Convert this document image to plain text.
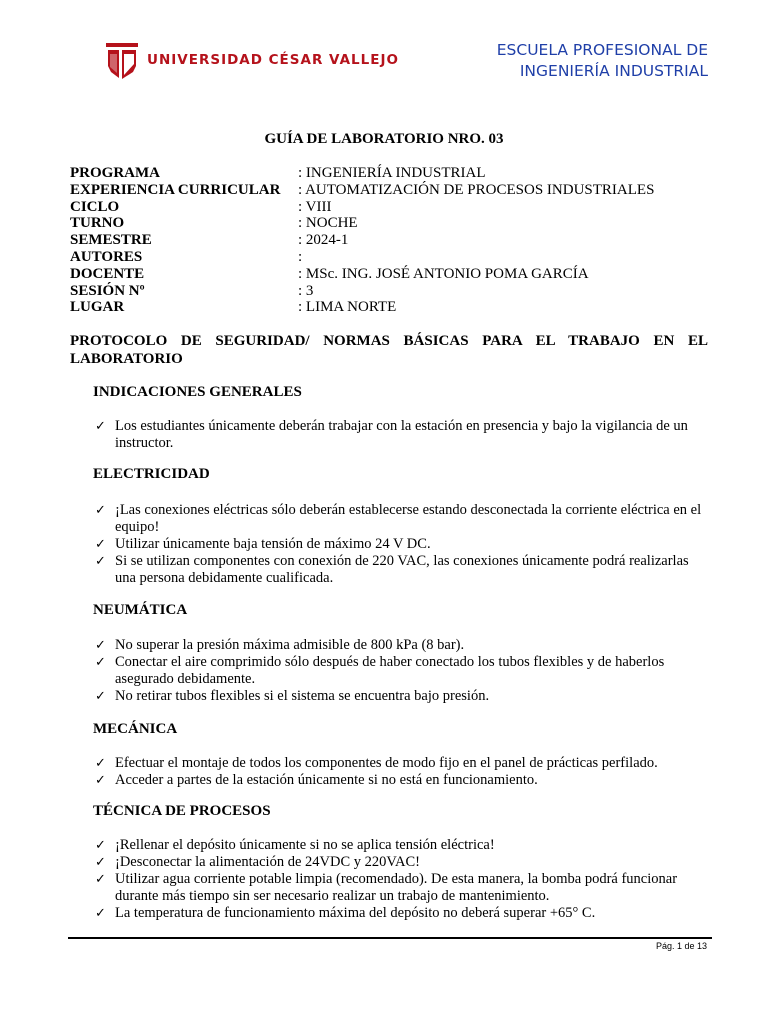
UNIVERSIDAD CÉSAR VALLEJO
ESCUELA PROFESIONAL DE
INGENIERÍA INDUSTRIAL
GUÍA DE LABORATORIO NRO. 03
PROGRAMA	: INGENIERÍA INDUSTRIAL
EXPERIENCIA CURRICULAR	: AUTOMATIZACIÓN DE PROCESOS INDUSTRIALES
CICLO	: VIII
TURNO	: NOCHE
SEMESTRE	: 2024-1
AUTORES	:
DOCENTE	: MSc. ING. JOSÉ ANTONIO POMA GARCÍA
SESIÓN Nº	: 3
LUGAR	: LIMA NORTE
PROTOCOLO DE SEGURIDAD/ NORMAS BÁSICAS PARA EL TRABAJO EN EL LABORATORIO
INDICACIONES GENERALES
✓ Los estudiantes únicamente deberán trabajar con la estación en presencia y bajo la vigilancia de un instructor.
ELECTRICIDAD
✓ ¡Las conexiones eléctricas sólo deberán establecerse estando desconectada la corriente eléctrica en el equipo!
✓ Utilizar únicamente baja tensión de máximo 24 V DC.
✓ Si se utilizan componentes con conexión de 220 VAC, las conexiones únicamente podrá realizarlas una persona debidamente cualificada.
NEUMÁTICA
✓ No superar la presión máxima admisible de 800 kPa (8 bar).
✓ Conectar el aire comprimido sólo después de haber conectado los tubos flexibles y de haberlos asegurado debidamente.
✓ No retirar tubos flexibles si el sistema se encuentra bajo presión.
MECÁNICA
✓ Efectuar el montaje de todos los componentes de modo fijo en el panel de prácticas perfilado.
✓ Acceder a partes de la estación únicamente si no está en funcionamiento.
TÉCNICA DE PROCESOS
✓ ¡Rellenar el depósito únicamente si no se aplica tensión eléctrica!
✓ ¡Desconectar la alimentación de 24VDC y 220VAC!
✓ Utilizar agua corriente potable limpia (recomendado). De esta manera, la bomba podrá funcionar durante más tiempo sin ser necesario realizar un trabajo de mantenimiento.
✓ La temperatura de funcionamiento máxima del depósito no deberá superar +65° C.
Pág. 1 de 13
